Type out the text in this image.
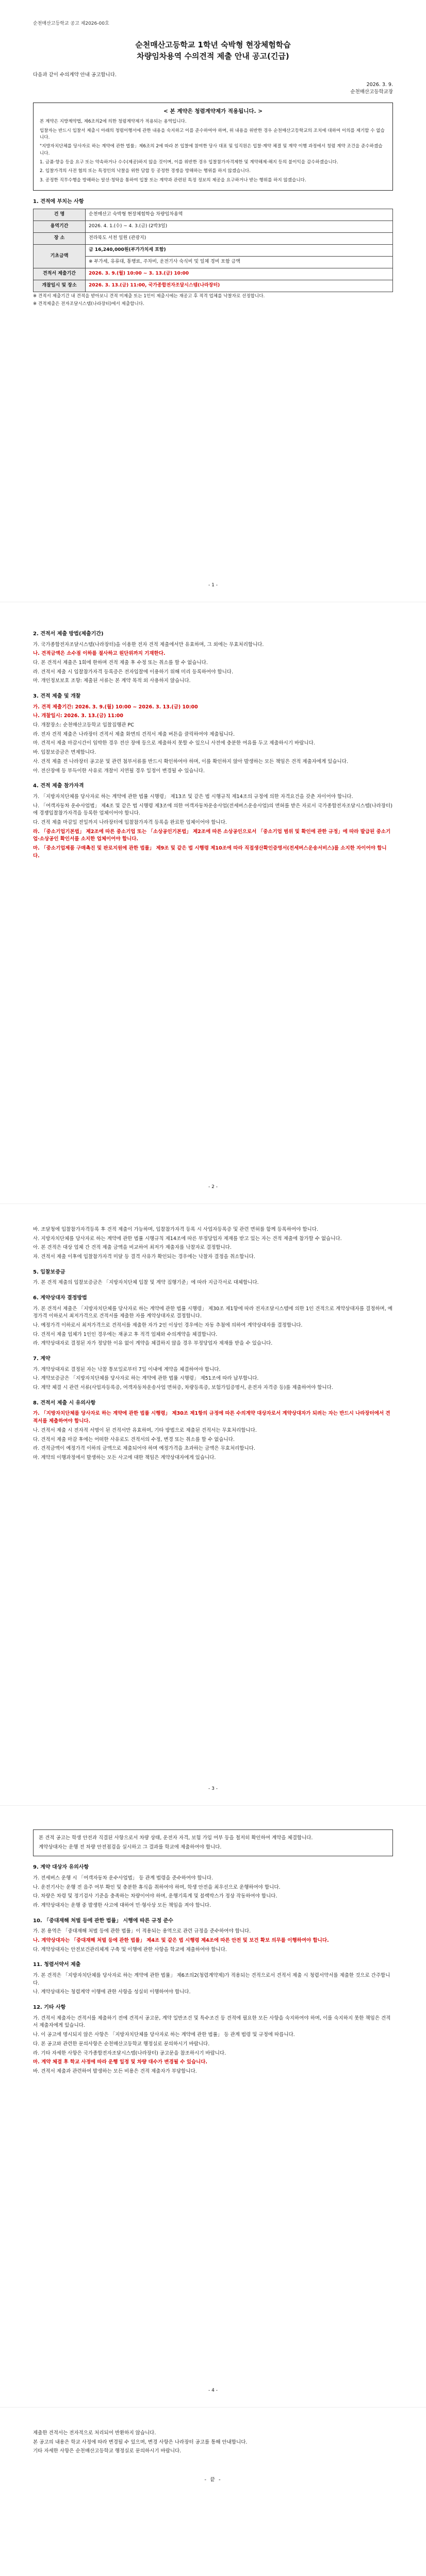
순천매산고등학교 공고 제2026-00호
순천매산고등학교 1학년 숙박형 현장체험학습
차량임차용역 수의견적 제출 안내 공고(긴급)
다음과 같이 수의계약 안내 공고합니다.
2026. 3. 9.
순천매산고등학교장
< 본 계약은 청렴계약제가 적용됩니다. >

본 계약은 지방계약법, 제6조의2에 의한 청렴계약제가 적용되는 용역입니다.

입찰자는 반드시 입찰서 제출시 아래의 청렴이행서에 관한 내용을 숙지하고 이를 준수하여야 하며, 위 내용을 위반한 경우 순천매산고등학교의 조치에 대하여 이의를 제기할 수 없습니다.

"지방자치단체를 당사자로 하는 계약에 관한 법률」제6조의 2에 따라 본 입찰에 참여한 당사 대표 및 임직원은 입찰·계약 체결 및 계약 이행 과정에서 청렴 계약 조건을 준수하겠습니다.

1. 금품·향응 등을 요구 또는 약속하거나 수수(제공)하지 않을 것이며, 이를 위반한 경우 입찰참가자격제한 및 계약해제·해지 등의 불이익을 감수하겠습니다.

2. 입찰가격의 사전 협의 또는 특정인의 낙찰을 위한 담합 등 공정한 경쟁을 방해하는 행위를 하지 않겠습니다.

3. 공정한 직무수행을 방해하는 알선·청탁을 통하여 입찰 또는 계약과 관련된 특정 정보의 제공을 요구하거나 받는 행위를 하지 않겠습니다.

1. 견적에 부치는 사항
건 명	순천매산고 숙박형 현장체험학습 차량임차용역
용역기간	2026. 4. 1.(수) ~ 4. 3.(금) (2박3일)
장 소	전라북도 서천 일원 (관광지)
기초금액	금 16,240,000원(부가가치세 포함)
	※ 부가세, 유류대, 통행료, 주차비, 운전기사 숙식비 및 일체 경비 포함 금액
견적서 제출기간	2026. 3. 9.(월) 10:00 ~ 3. 13.(금) 10:00
개찰일시 및 장소	2026. 3. 13.(금) 11:00, 국가종합전자조달시스템(나라장터)

※ 견적서 제출기간 내 견적을 받아보니 견적 미제출 또는 1인이 제출시에는 재공고 후 적격 업체를 낙찰자로 선정합니다.

※ 견적제출은 전자조달시스템(나라장터)에서 제출합니다.

- 1 -
2. 견적서 제출 방법(제출기간)

가. 국가종합전자조달시스템(나라장터)을 이용한 전자 견적 제출에서만 유효하며, 그 외에는 무효처리합니다.

나. 견적금액은 소수점 이하를 절사하고 원단위까지 기재한다.

다. 본 견적서 제출은 1회에 한하며 견적 제출 후 수정 또는 취소를 할 수 없습니다.

라. 견적서 제출 시 입찰참가자격 등록증은 전자입찰에 이용하기 위해 미리 등록하여야 합니다.

마. 개인정보보호 조항: 제출된 서류는 본 계약 목적 외 사용하지 않습니다.

3. 견적 제출 및 개찰

가. 견적 제출기간: 2026. 3. 9.(월) 10:00 ~ 2026. 3. 13.(금) 10:00

나. 개찰일시: 2026. 3. 13.(금) 11:00

다. 개찰장소: 순천매산고등학교 입찰집행관 PC

라. 전자 견적 제출은 나라장터 견적서 제출 화면의 견적서 제출 버튼을 클릭하여야 제출됩니다.

마. 견적서 제출 마감시간이 임박한 경우 전산 장애 등으로 제출하지 못할 수 있으니 사전에 충분한 여유를 두고 제출하시기 바랍니다.

바. 입찰보증금은 면제합니다.

사. 견적 제출 전 나라장터 공고문 및 관련 첨부서류를 반드시 확인하여야 하며, 이를 확인하지 않아 발생하는 모든 책임은 견적 제출자에게 있습니다.

아. 전산장애 등 부득이한 사유로 개찰이 지연될 경우 일정이 변경될 수 있습니다.

4. 견적 제출 참가자격

가. 「지방자치단체를 당사자로 하는 계약에 관한 법률 시행령」 제13조 및 같은 법 시행규칙 제14조의 규정에 의한 자격요건을 갖춘 자이어야 합니다.

나. 「여객자동차 운수사업법」 제4조 및 같은 법 시행령 제3조에 의한 여객자동차운송사업(전세버스운송사업)의 면허를 받은 자로서 국가종합전자조달시스템(나라장터)에 경쟁입찰참가자격을 등록한 업체이어야 합니다.

다. 견적 제출 마감일 전일까지 나라장터에 입찰참가자격 등록을 완료한 업체이어야 합니다.

라. 「중소기업기본법」 제2조에 따른 중소기업 또는 「소상공인기본법」 제2조에 따른 소상공인으로서 「중소기업 범위 및 확인에 관한 규정」에 따라 발급된 중소기업·소상공인 확인서를 소지한 업체이어야 합니다.

마. 「중소기업제품 구매촉진 및 판로지원에 관한 법률」 제9조 및 같은 법 시행령 제10조에 따라 직접생산확인증명서(전세버스운송서비스)를 소지한 자이어야 합니다.

- 2 -

바. 조달청에 입찰참가자격등록 후 견적 제출이 가능하며, 입찰참가자격 등록 시 사업자등록증 및 관련 면허를 함께 등록하여야 합니다.

사. 지방자치단체를 당사자로 하는 계약에 관한 법률 시행규칙 제14조에 따른 부정당업자 제재를 받고 있는 자는 견적 제출에 참가할 수 없습니다.

아. 본 견적은 대상 업체 간 견적 제출 금액을 비교하여 최저가 제출자를 낙찰자로 결정합니다.

자. 견적서 제출 이후에 입찰참가자격 미달 등 결격 사유가 확인되는 경우에는 낙찰자 결정을 취소합니다.

5. 입찰보증금

가. 본 견적 제출의 입찰보증금은 「지방자치단체 입찰 및 계약 집행기준」에 따라 지급각서로 대체합니다.

6. 계약상대자 결정방법

가. 본 견적서 제출은 「지방자치단체를 당사자로 하는 계약에 관한 법률 시행령」 제30조 제1항에 따라 전자조달시스템에 의한 1인 견적으로 계약상대자를 결정하며, 예정가격 이하로서 최저가격으로 견적서를 제출한 자를 계약상대자로 결정합니다.

나. 예정가격 이하로서 최저가격으로 견적서를 제출한 자가 2인 이상인 경우에는 자동 추첨에 의하여 계약상대자를 결정합니다.

다. 견적서 제출 업체가 1인인 경우에는 재공고 후 적격 업체와 수의계약을 체결합니다.

라. 계약상대자로 결정된 자가 정당한 이유 없이 계약을 체결하지 않을 경우 부정당업자 제재를 받을 수 있습니다.

7. 계약

가. 계약상대자로 결정된 자는 낙찰 통보일로부터 7일 이내에 계약을 체결하여야 합니다.

나. 계약보증금은 「지방자치단체를 당사자로 하는 계약에 관한 법률 시행령」 제51조에 따라 납부합니다.

다. 계약 체결 시 관련 서류(사업자등록증, 여객자동차운송사업 면허증, 차량등록증, 보험가입증명서, 운전자 자격증 등)를 제출하여야 합니다.

8. 견적서 제출 시 유의사항

가. 「지방자치단체를 당사자로 하는 계약에 관한 법률 시행령」 제30조 제1항의 규정에 따른 수의계약 대상자로서 계약상대자가 되려는 자는 반드시 나라장터에서 견적서를 제출하여야 합니다.

나. 견적서 제출 시 전자적 서명이 된 견적서만 유효하며, 기타 방법으로 제출된 견적서는 무효처리합니다.

다. 견적서 제출 마감 후에는 어떠한 사유로도 견적서의 수정, 변경 또는 취소를 할 수 없습니다.

라. 견적금액이 예정가격 이하의 금액으로 제출되어야 하며 예정가격을 초과하는 금액은 무효처리합니다.

마. 계약의 이행과정에서 발생하는 모든 사고에 대한 책임은 계약상대자에게 있습니다.

- 3 -

본 견적 공고는 학생 안전과 직결된 사항으로서 차량 상태, 운전자 자격, 보험 가입 여부 등을 철저히 확인하여 계약을 체결합니다.

계약상대자는 운행 전 차량 안전점검을 실시하고 그 결과를 학교에 제출하여야 합니다.

9. 계약 대상자 유의사항

가. 전세버스 운행 시 「여객자동차 운수사업법」 등 관계 법령을 준수하여야 합니다.

나. 운전기사는 운행 전 음주 여부 확인 및 충분한 휴식을 취하여야 하며, 학생 안전을 최우선으로 운행하여야 합니다.

다. 차량은 차령 및 정기검사 기준을 충족하는 차량이어야 하며, 운행기록계 및 블랙박스가 정상 작동하여야 합니다.

라. 계약상대자는 운행 중 발생한 사고에 대하여 민·형사상 모든 책임을 져야 합니다.

10. 「중대재해 처벌 등에 관한 법률」 시행에 따른 규정 준수

가. 본 용역은 「중대재해 처벌 등에 관한 법률」이 적용되는 용역으로 관련 규정을 준수하여야 합니다.

나. 계약상대자는 「중대재해 처벌 등에 관한 법률」 제4조 및 같은 법 시행령 제4조에 따른 안전 및 보건 확보 의무를 이행하여야 합니다.

다. 계약상대자는 안전보건관리체계 구축 및 이행에 관한 사항을 학교에 제출하여야 합니다.

11. 청렴서약서 제출

가. 본 견적은 「지방자치단체를 당사자로 하는 계약에 관한 법률」 제6조의2(청렴계약제)가 적용되는 견적으로서 견적서 제출 시 청렴서약서를 제출한 것으로 간주합니다.

나. 계약상대자는 청렴계약 이행에 관한 사항을 성실히 이행하여야 합니다.

12. 기타 사항

가. 견적서 제출자는 견적서를 제출하기 전에 견적서 공고문, 계약 일반조건 및 특수조건 등 견적에 필요한 모든 사항을 숙지하여야 하며, 이를 숙지하지 못한 책임은 견적서 제출자에게 있습니다.

나. 이 공고에 명시되지 않은 사항은 「지방자치단체를 당사자로 하는 계약에 관한 법률」 등 관계 법령 및 규정에 따릅니다.

다. 본 공고와 관련한 문의사항은 순천매산고등학교 행정실로 문의하시기 바랍니다.

라. 기타 자세한 사항은 국가종합전자조달시스템(나라장터) 공고문을 참조하시기 바랍니다.

마. 계약 체결 후 학교 사정에 따라 운행 일정 및 차량 대수가 변경될 수 있습니다.

바. 견적서 제출과 관련하여 발생하는 모든 비용은 견적 제출자가 부담합니다.

- 4 -

제출한 견적서는 전자적으로 처리되어 반환하지 않습니다.

본 공고의 내용은 학교 사정에 따라 변경될 수 있으며, 변경 사항은 나라장터 공고를 통해 안내합니다.

기타 자세한 사항은 순천매산고등학교 행정실로 문의하시기 바랍니다.

- 끝 -
